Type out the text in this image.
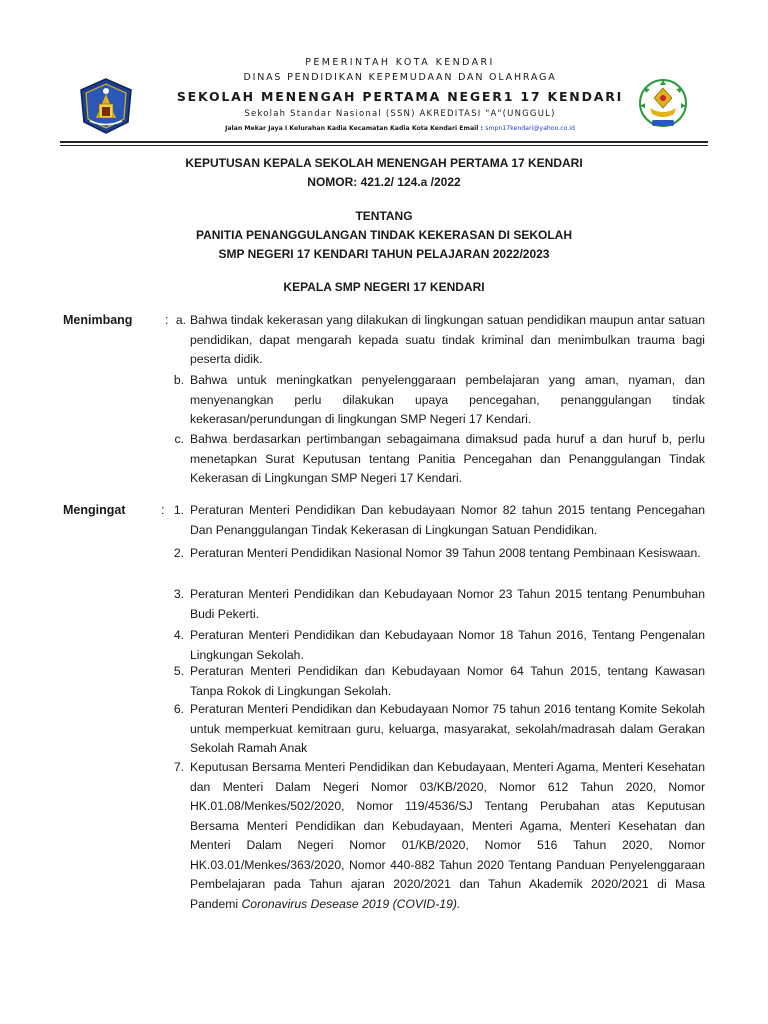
PEMERINTAH KOTA KENDARI
DINAS PENDIDIKAN KEPEMUDAAN DAN OLAHRAGA
SEKOLAH MENENGAH PERTAMA NEGER1 17 KENDARI
Sekolah Standar Nasional (SSN) AKREDITASI "A"(UNGGUL)
Jalan Mekar Jaya I Kelurahan Kadia Kecamatan Kadia Kota Kendari Email : smpn17kendari@yahoo.co.id
KEPUTUSAN KEPALA SEKOLAH MENENGAH PERTAMA 17 KENDARI
NOMOR: 421.2/ 124.a /2022
TENTANG
PANITIA PENANGGULANGAN TINDAK KEKERASAN DI SEKOLAH
SMP NEGERI 17 KENDARI TAHUN PELAJARAN 2022/2023
KEPALA SMP NEGERI 17 KENDARI
Menimbang	: a. Bahwa tindak kekerasan yang dilakukan di lingkungan satuan pendidikan maupun antar satuan pendidikan, dapat mengarah kepada suatu tindak kriminal dan menimbulkan trauma bagi peserta didik.
b. Bahwa untuk meningkatkan penyelenggaraan pembelajaran yang aman, nyaman, dan menyenangkan perlu dilakukan upaya pencegahan, penanggulangan tindak kekerasan/perundungan di lingkungan SMP Negeri 17 Kendari.
c. Bahwa berdasarkan pertimbangan sebagaimana dimaksud pada huruf a dan huruf b, perlu menetapkan Surat Keputusan tentang Panitia Pencegahan dan Penanggulangan Tindak Kekerasan di Lingkungan SMP Negeri 17 Kendari.
Mengingat	: 1. Peraturan Menteri Pendidikan Dan kebudayaan Nomor 82 tahun 2015 tentang Pencegahan Dan Penanggulangan Tindak Kekerasan di Lingkungan Satuan Pendidikan.
2. Peraturan Menteri Pendidikan Nasional Nomor 39 Tahun 2008 tentang Pembinaan Kesiswaan.
3. Peraturan Menteri Pendidikan dan Kebudayaan Nomor 23 Tahun 2015 tentang Penumbuhan Budi Pekerti.
4. Peraturan Menteri Pendidikan dan Kebudayaan Nomor 18 Tahun 2016, Tentang Pengenalan Lingkungan Sekolah.
5. Peraturan Menteri Pendidikan dan Kebudayaan Nomor 64 Tahun 2015, tentang Kawasan Tanpa Rokok di Lingkungan Sekolah.
6. Peraturan Menteri Pendidikan dan Kebudayaan Nomor 75 tahun 2016 tentang Komite Sekolah untuk memperkuat kemitraan guru, keluarga, masyarakat, sekolah/madrasah dalam Gerakan Sekolah Ramah Anak
7. Keputusan Bersama Menteri Pendidikan dan Kebudayaan, Menteri Agama, Menteri Kesehatan dan Menteri Dalam Negeri Nomor 03/KB/2020, Nomor 612 Tahun 2020, Nomor HK.01.08/Menkes/502/2020, Nomor 119/4536/SJ Tentang Perubahan atas Keputusan Bersama Menteri Pendidikan dan Kebudayaan, Menteri Agama, Menteri Kesehatan dan Menteri Dalam Negeri Nomor 01/KB/2020, Nomor 516 Tahun 2020, Nomor HK.03.01/Menkes/363/2020, Nomor 440-882 Tahun 2020 Tentang Panduan Penyelenggaraan Pembelajaran pada Tahun ajaran 2020/2021 dan Tahun Akademik 2020/2021 di Masa Pandemi Coronavirus Desease 2019 (COVID-19).
